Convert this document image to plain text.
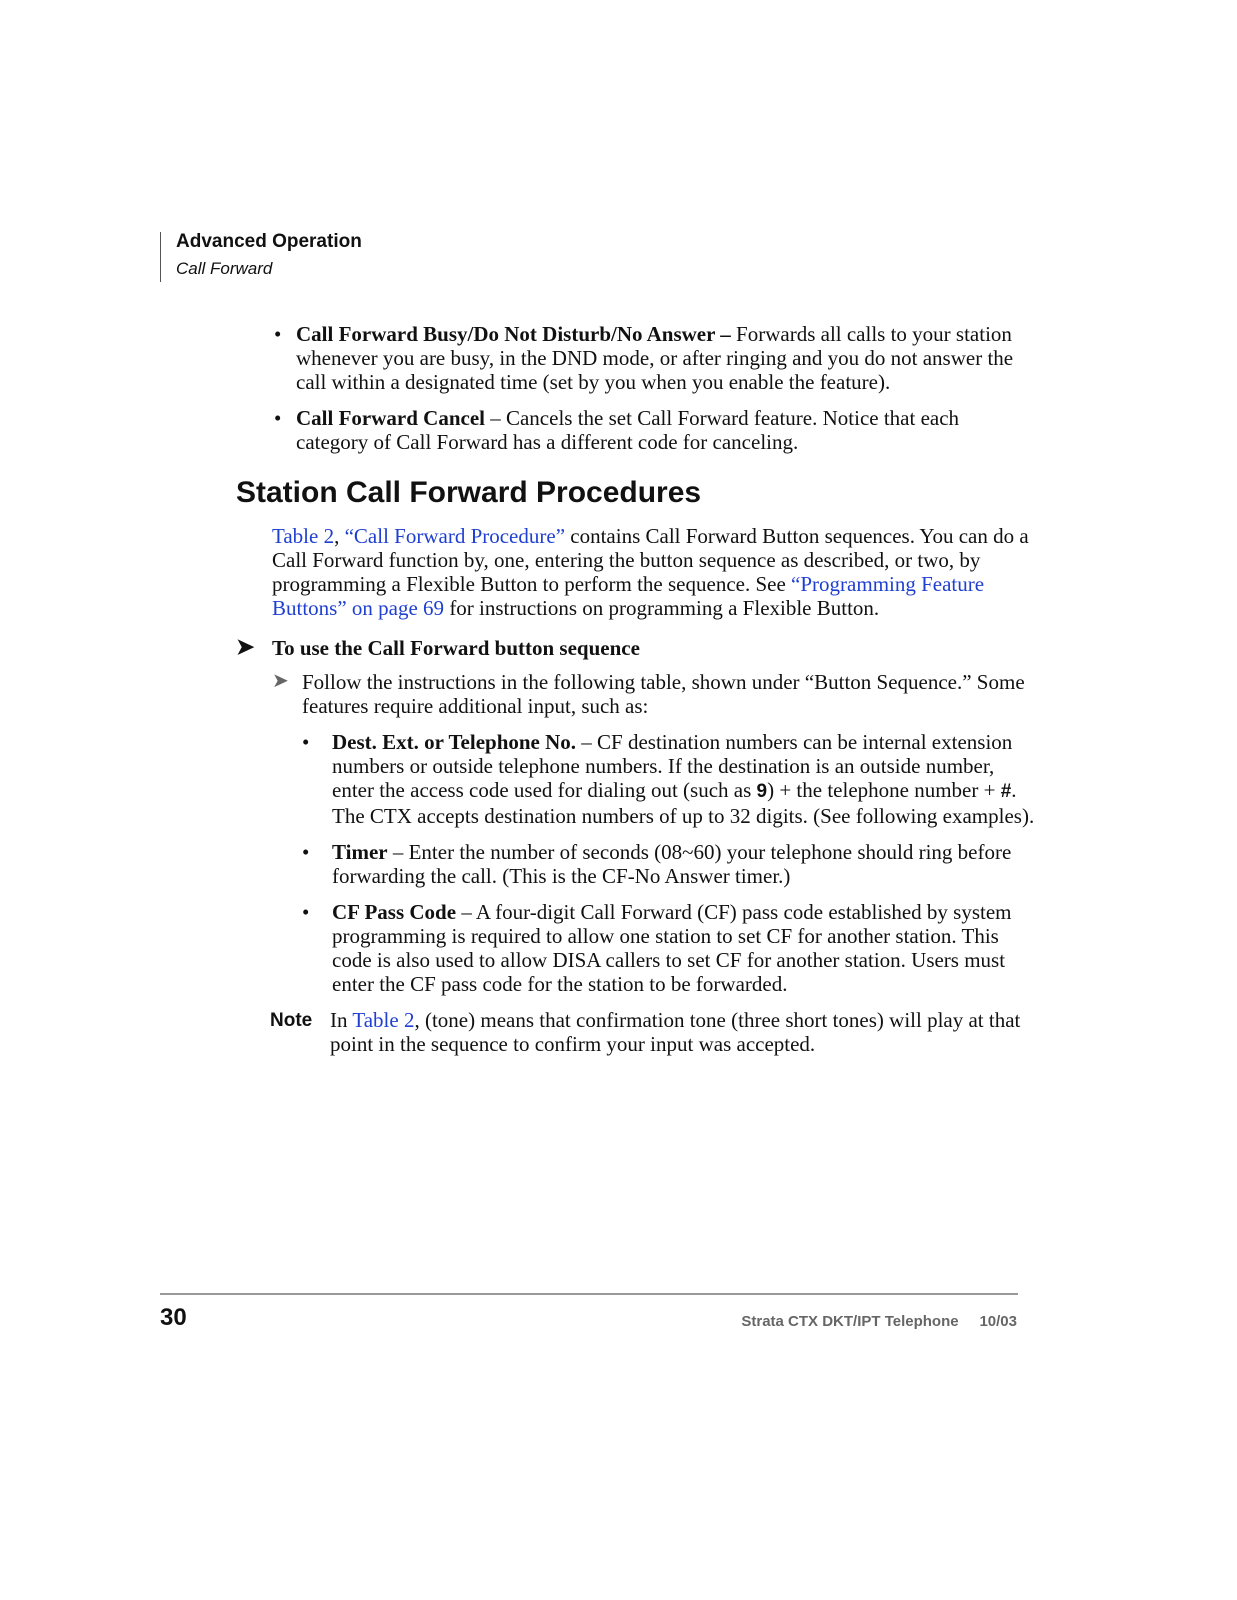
Advanced Operation
Call Forward
• Call Forward Busy/Do Not Disturb/No Answer – Forwards all calls to your station whenever you are busy, in the DND mode, or after ringing and you do not answer the call within a designated time (set by you when you enable the feature).
• Call Forward Cancel – Cancels the set Call Forward feature. Notice that each category of Call Forward has a different code for canceling.
Station Call Forward Procedures
Table 2, “Call Forward Procedure” contains Call Forward Button sequences. You can do a Call Forward function by, one, entering the button sequence as described, or two, by programming a Flexible Button to perform the sequence. See “Programming Feature Buttons” on page 69 for instructions on programming a Flexible Button.
➤ To use the Call Forward button sequence
➤ Follow the instructions in the following table, shown under “Button Sequence.” Some features require additional input, such as:
• Dest. Ext. or Telephone No. – CF destination numbers can be internal extension numbers or outside telephone numbers. If the destination is an outside number, enter the access code used for dialing out (such as 9) + the telephone number + #. The CTX accepts destination numbers of up to 32 digits. (See following examples).
• Timer – Enter the number of seconds (08~60) your telephone should ring before forwarding the call. (This is the CF-No Answer timer.)
• CF Pass Code – A four-digit Call Forward (CF) pass code established by system programming is required to allow one station to set CF for another station. This code is also used to allow DISA callers to set CF for another station. Users must enter the CF pass code for the station to be forwarded.
Note In Table 2, (tone) means that confirmation tone (three short tones) will play at that point in the sequence to confirm your input was accepted.
30	Strata CTX DKT/IPT Telephone 10/03
